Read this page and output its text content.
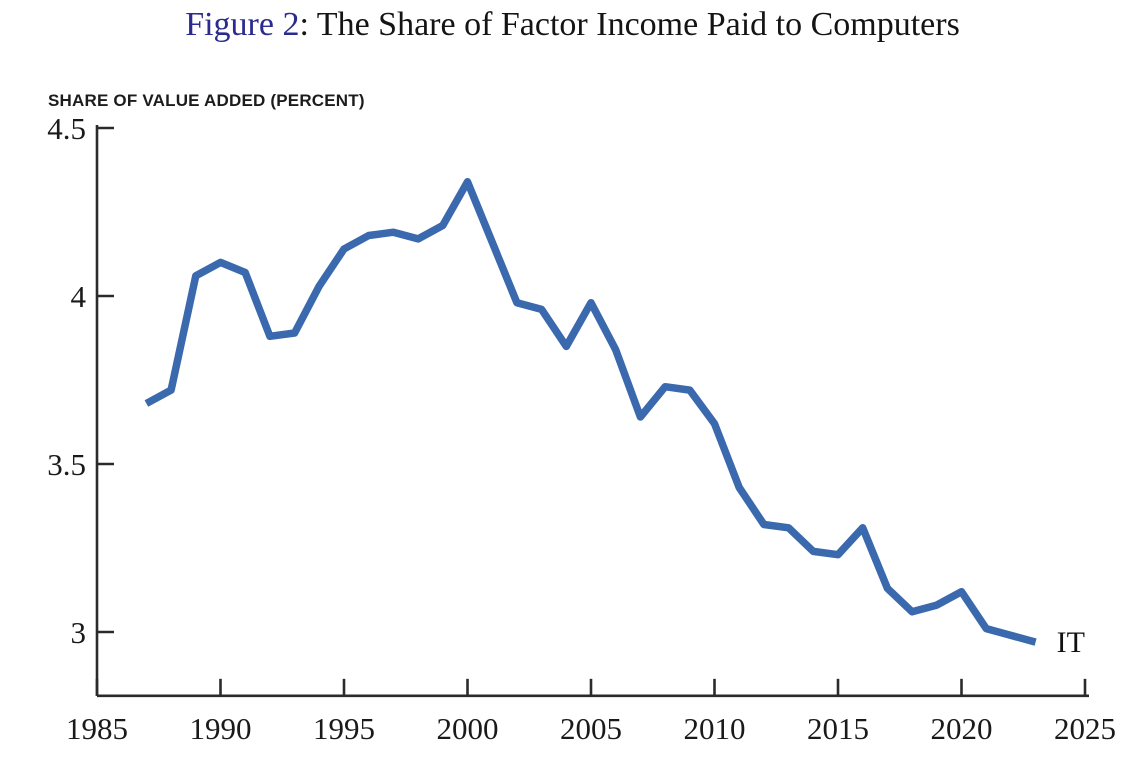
Figure 2: The Share of Factor Income Paid to Computers
SHARE OF VALUE ADDED (PERCENT)
3
3.5
4
4.5
1985 1990 1995 2000 2005 2010 2015 2020 2025
IT
